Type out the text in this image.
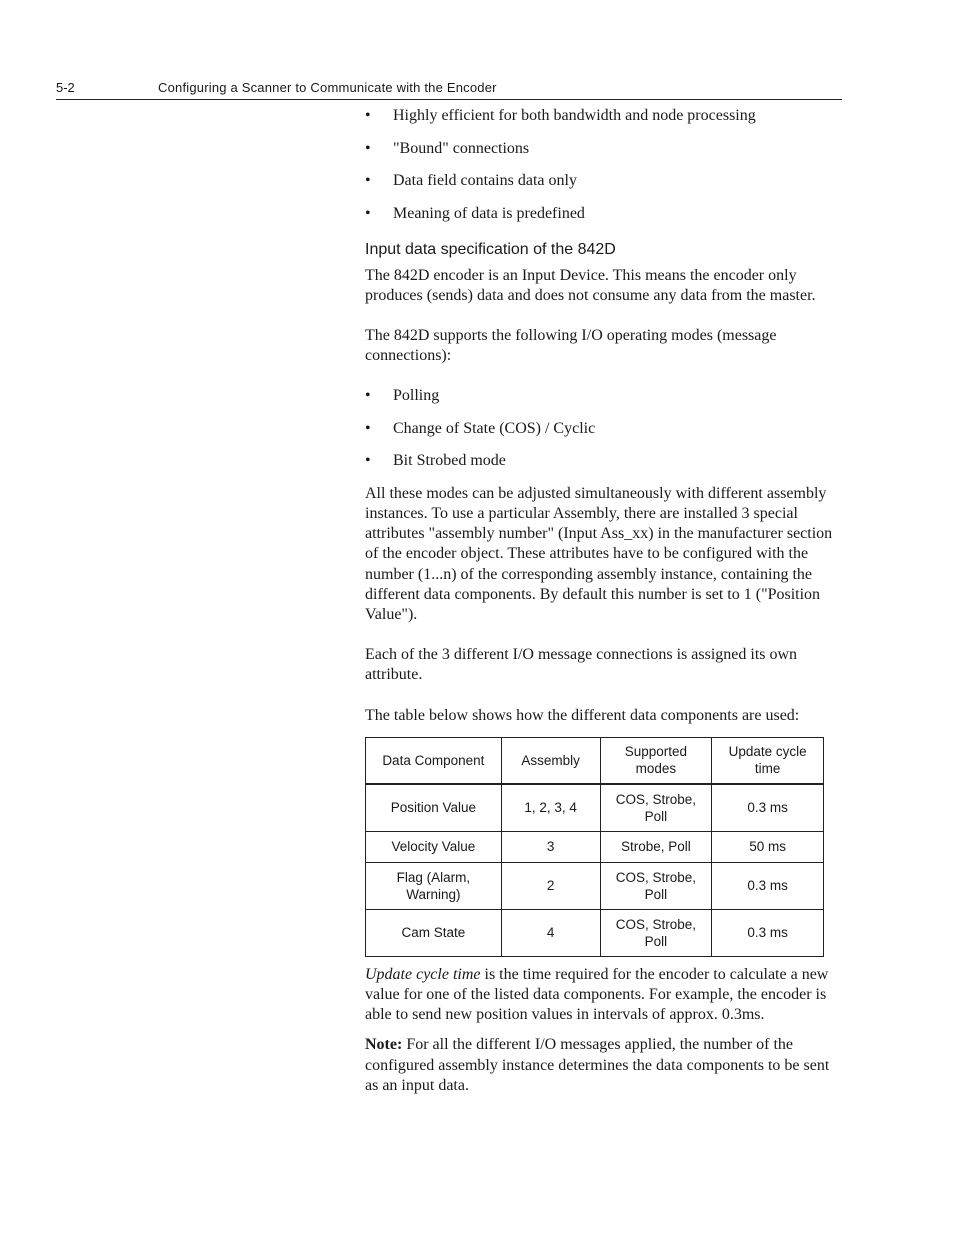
5-2	Configuring a Scanner to Communicate with the Encoder
• Highly efficient for both bandwidth and node processing
• "Bound" connections
• Data field contains data only
• Meaning of data is predefined
Input data specification of the 842D

The 842D encoder is an Input Device. This means the encoder only produces (sends) data and does not consume any data from the master.

The 842D supports the following I/O operating modes (message connections):

• Polling
• Change of State (COS) / Cyclic
• Bit Strobed mode

All these modes can be adjusted simultaneously with different assembly instances. To use a particular Assembly, there are installed 3 special attributes "assembly number" (Input Ass_xx) in the manufacturer section of the encoder object. These attributes have to be configured with the number (1...n) of the corresponding assembly instance, containing the different data components. By default this number is set to 1 ("Position Value").

Each of the 3 different I/O message connections is assigned its own attribute.

The table below shows how the different data components are used:

Data Component	Assembly	Supported modes	Update cycle time
Position Value	1, 2, 3, 4	COS, Strobe, Poll	0.3 ms
Velocity Value	3	Strobe, Poll	50 ms
Flag (Alarm, Warning)	2	COS, Strobe, Poll	0.3 ms
Cam State	4	COS, Strobe, Poll	0.3 ms

Update cycle time is the time required for the encoder to calculate a new value for one of the listed data components. For example, the encoder is able to send new position values in intervals of approx. 0.3ms.

Note: For all the different I/O messages applied, the number of the configured assembly instance determines the data components to be sent as an input data.
